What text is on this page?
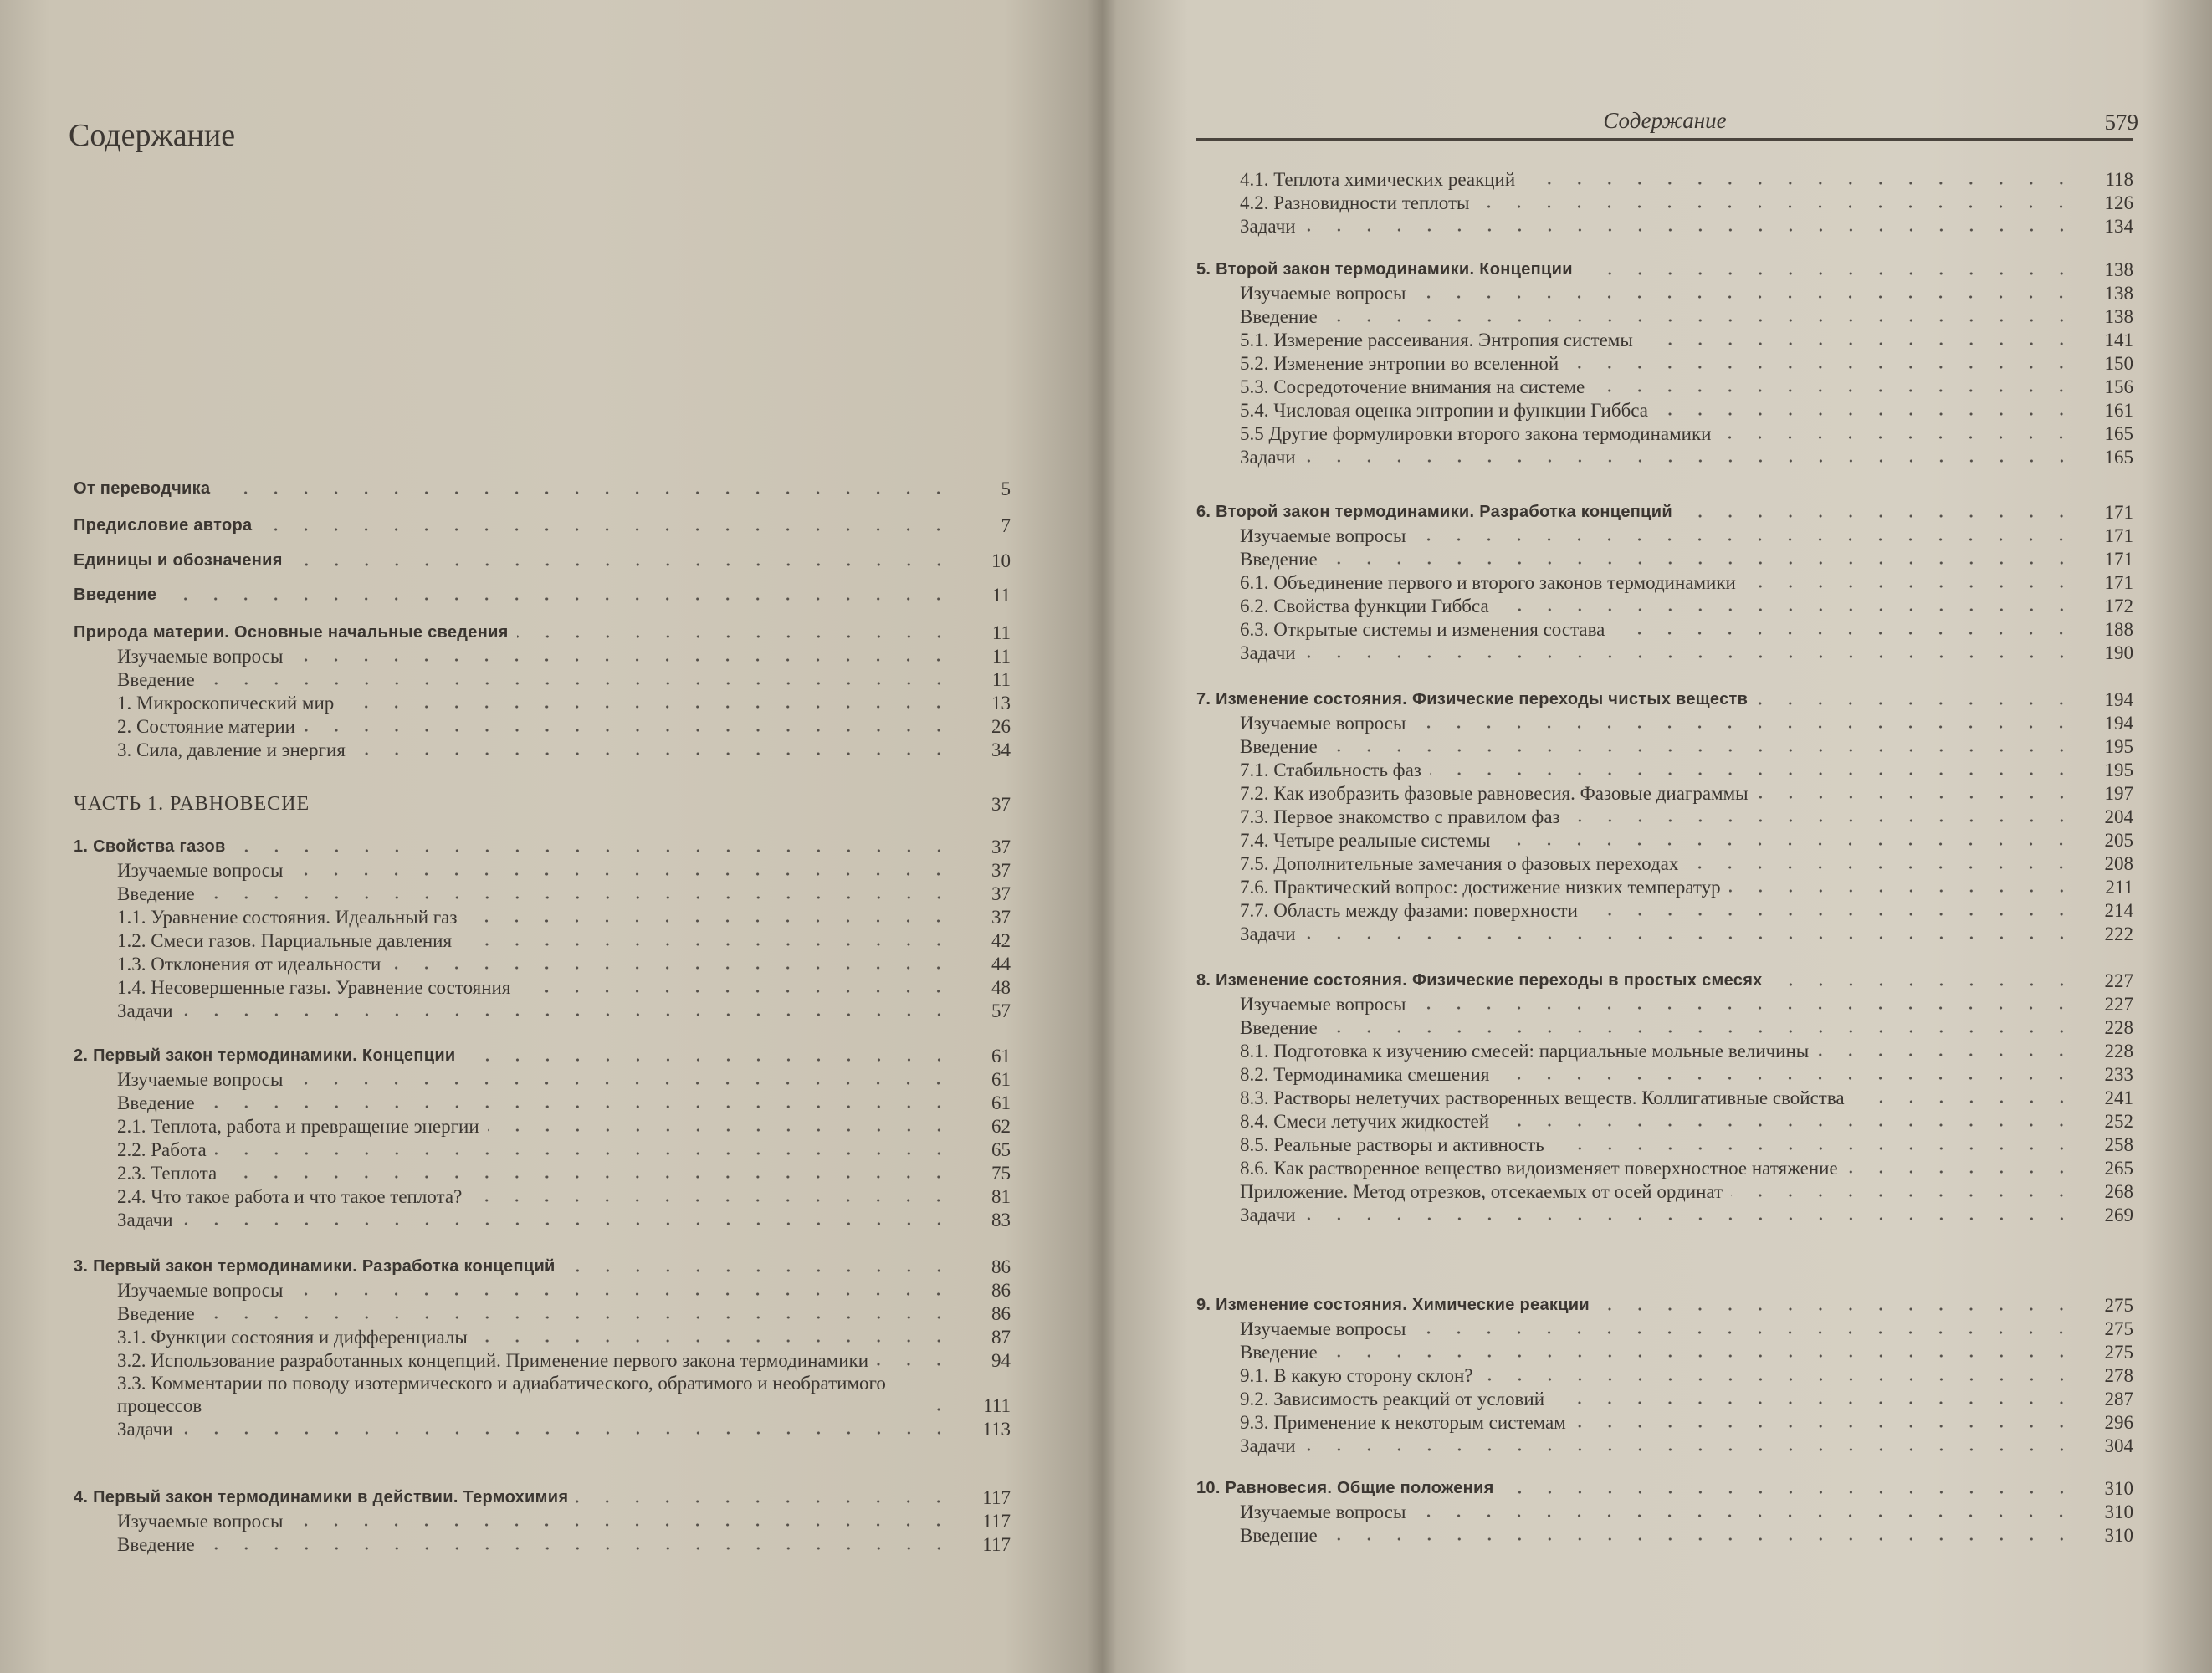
Содержание
От переводчика	5
Предисловие автора	7
Единицы и обозначения	10
Введение	11
Природа материи. Основные начальные сведения	11
Изучаемые вопросы	11
Введение	11
1. Микроскопический мир	13
2. Состояние материи	26
3. Сила, давление и энергия	34
ЧАСТЬ 1. РАВНОВЕСИЕ	37
1. Свойства газов	37
Изучаемые вопросы	37
Введение	37
1.1. Уравнение состояния. Идеальный газ	37
1.2. Смеси газов. Парциальные давления	42
1.3. Отклонения от идеальности	44
1.4. Несовершенные газы. Уравнение состояния	48
Задачи	57
2. Первый закон термодинамики. Концепции	61
Изучаемые вопросы	61
Введение	61
2.1. Теплота, работа и превращение энергии	62
2.2. Работа	65
2.3. Теплота	75
2.4. Что такое работа и что такое теплота?	81
Задачи	83
3. Первый закон термодинамики. Разработка концепций	86
Изучаемые вопросы	86
Введение	86
3.1. Функции состояния и дифференциалы	87
3.2. Использование разработанных концепций. Применение первого закона термодинамики	94
3.3. Комментарии по поводу изотермического и адиабатического, обратимого и необратимого процессов	111
Задачи	113
4. Первый закон термодинамики в действии. Термохимия	117
Изучаемые вопросы	117
Введение	117
Содержание	579
4.1. Теплота химических реакций	118
4.2. Разновидности теплоты	126
Задачи	134
5. Второй закон термодинамики. Концепции	138
Изучаемые вопросы	138
Введение	138
5.1. Измерение рассеивания. Энтропия системы	141
5.2. Изменение энтропии во вселенной	150
5.3. Сосредоточение внимания на системе	156
5.4. Числовая оценка энтропии и функции Гиббса	161
5.5 Другие формулировки второго закона термодинамики	165
Задачи	165
6. Второй закон термодинамики. Разработка концепций	171
Изучаемые вопросы	171
Введение	171
6.1. Объединение первого и второго законов термодинамики	171
6.2. Свойства функции Гиббса	172
6.3. Открытые системы и изменения состава	188
Задачи	190
7. Изменение состояния. Физические переходы чистых веществ	194
Изучаемые вопросы	194
Введение	195
7.1. Стабильность фаз	195
7.2. Как изобразить фазовые равновесия. Фазовые диаграммы	197
7.3. Первое знакомство с правилом фаз	204
7.4. Четыре реальные системы	205
7.5. Дополнительные замечания о фазовых переходах	208
7.6. Практический вопрос: достижение низких температур	211
7.7. Область между фазами: поверхности	214
Задачи	222
8. Изменение состояния. Физические переходы в простых смесях	227
Изучаемые вопросы	227
Введение	228
8.1. Подготовка к изучению смесей: парциальные мольные величины	228
8.2. Термодинамика смешения	233
8.3. Растворы нелетучих растворенных веществ. Коллигативные свойства	241
8.4. Смеси летучих жидкостей	252
8.5. Реальные растворы и активность	258
8.6. Как растворенное вещество видоизменяет поверхностное натяжение	265
Приложение. Метод отрезков, отсекаемых от осей ординат	268
Задачи	269
9. Изменение состояния. Химические реакции	275
Изучаемые вопросы	275
Введение	275
9.1. В какую сторону склон?	278
9.2. Зависимость реакций от условий	287
9.3. Применение к некоторым системам	296
Задачи	304
10. Равновесия. Общие положения	310
Изучаемые вопросы	310
Введение	310
